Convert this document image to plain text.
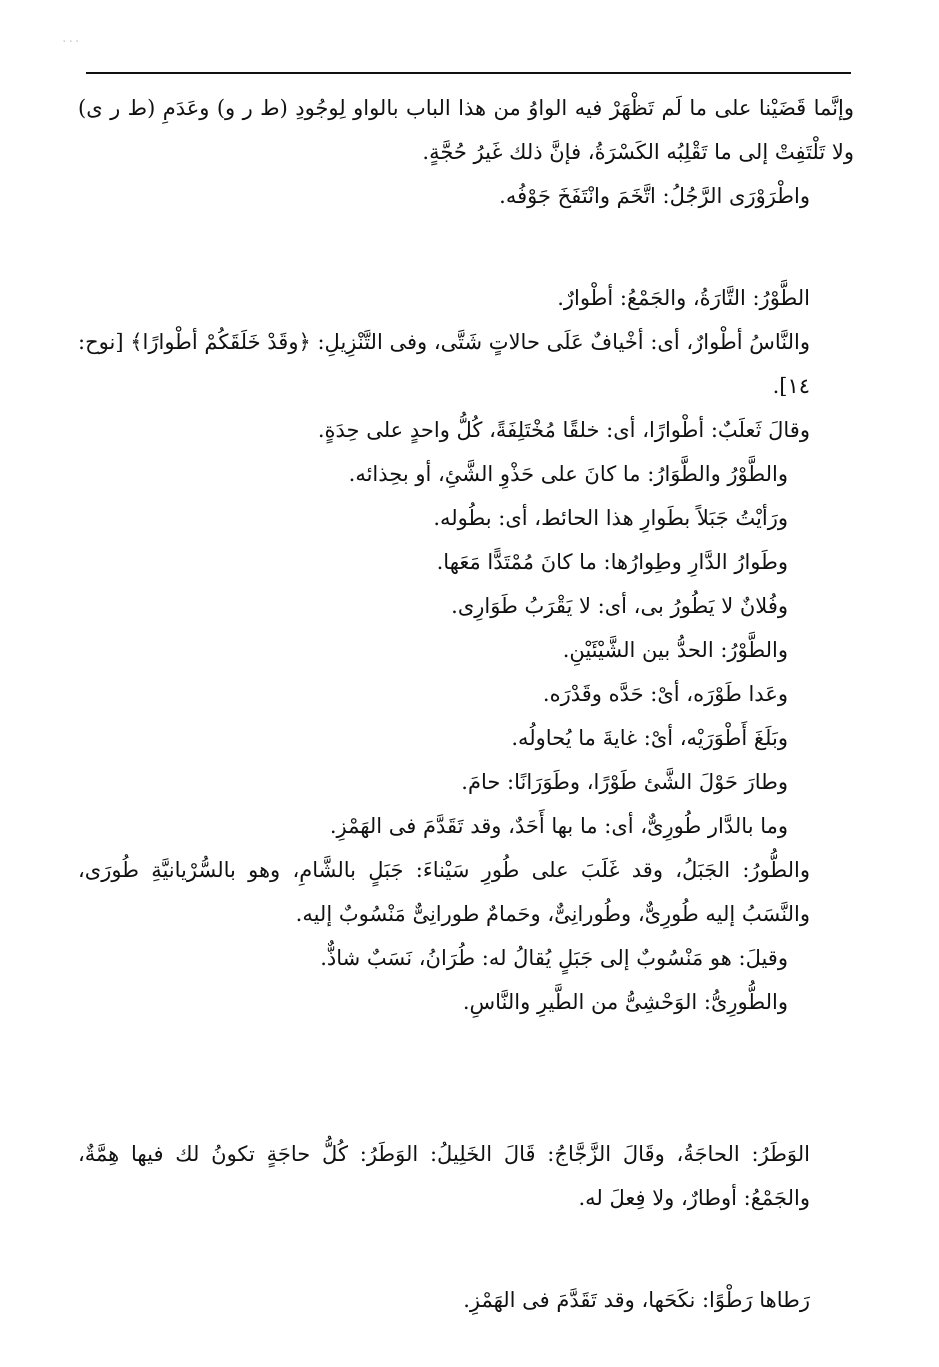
...

وإنَّما قَضَيْنا على ما لَم تَظْهَرْ فيه الواوُ من هذا الباب بالواو لِوجُودِ (ط ر و) وعَدَمِ (ط ر ى) ولا تَلْتَفِتْ إلى ما تَقْلِبُه الكَسْرَةُ، فإنَّ ذلك غَيرُ حُجَّةٍ.

واطْرَوْرَى الرَّجُلُ: اتَّخَمَ وانْتَفَخَ جَوْفُه.

الطَّوْرُ: التَّارَةُ، والجَمْعُ: أطْوارٌ.

والنَّاسُ أطْوارٌ، أى: أخْيافٌ عَلَى حالاتٍ شَتَّى، وفى التَّنْزِيلِ: ﴿وقَدْ خَلَقَكُمْ أطْوارًا﴾ [نوح: ١٤].

وقالَ ثَعلَبٌ: أطْوارًا، أى: خلقًا مُخْتَلِفَةً، كُلُّ واحدٍ على حِدَةٍ.

والطَّوْرُ والطَّوَارُ: ما كانَ على حَذْوِ الشَّئِ، أو بحِذائه.

ورَأيْتُ جَبَلاً بطَوارِ هذا الحائط، أى: بطُوله.

وطَوارُ الدَّارِ وطِوارُها: ما كانَ مُمْتَدًّا مَعَها.

وفُلانٌ لا يَطُورُ بى، أى: لا يَقْرَبُ طَوَارِى.

والطَّوْرُ: الحدُّ بين الشَّيْئَيْنِ.

وعَدا طَوْرَه، أىْ: حَدَّه وقَدْرَه.

وبَلَغَ أَطْوَرَيْه، أىْ: غايةَ ما يُحاولُه.

وطارَ حَوْلَ الشَّئ طَوْرًا، وطَوَرَانًا: حامَ.

وما بالدَّار طُورِىٌّ، أى: ما بها أَحَدٌ، وقد تَقَدَّمَ فى الهَمْزِ.

والطُّورُ: الجَبَلُ، وقد غَلَبَ على طُورِ سَيْناءَ: جَبَلٍ بالشَّامِ، وهو بالسُّرْيانيَّةِ طُورَى، والنَّسَبُ إليه طُورِىٌّ، وطُورانِىٌّ، وحَمامٌ طورانِىٌّ مَنْسُوبٌ إليه.

وقيلَ: هو مَنْسُوبٌ إلى جَبَلٍ يُقالُ له: طُرَانُ، نَسَبٌ شاذٌّ.

والطُّورِىُّ: الوَحْشِىُّ من الطَّيرِ والنَّاسِ.

الوَطَرُ: الحاجَةُ، وقَالَ الزَّجَّاجُ: قَالَ الخَلِيلُ: الوَطَرُ: كُلُّ حاجَةٍ تكونُ لك فيها هِمَّةٌ، والجَمْعُ: أوطارٌ، ولا فِعلَ له.

رَطاها رَطْوًا: نكَحَها، وقد تَقَدَّمَ فى الهَمْزِ.
